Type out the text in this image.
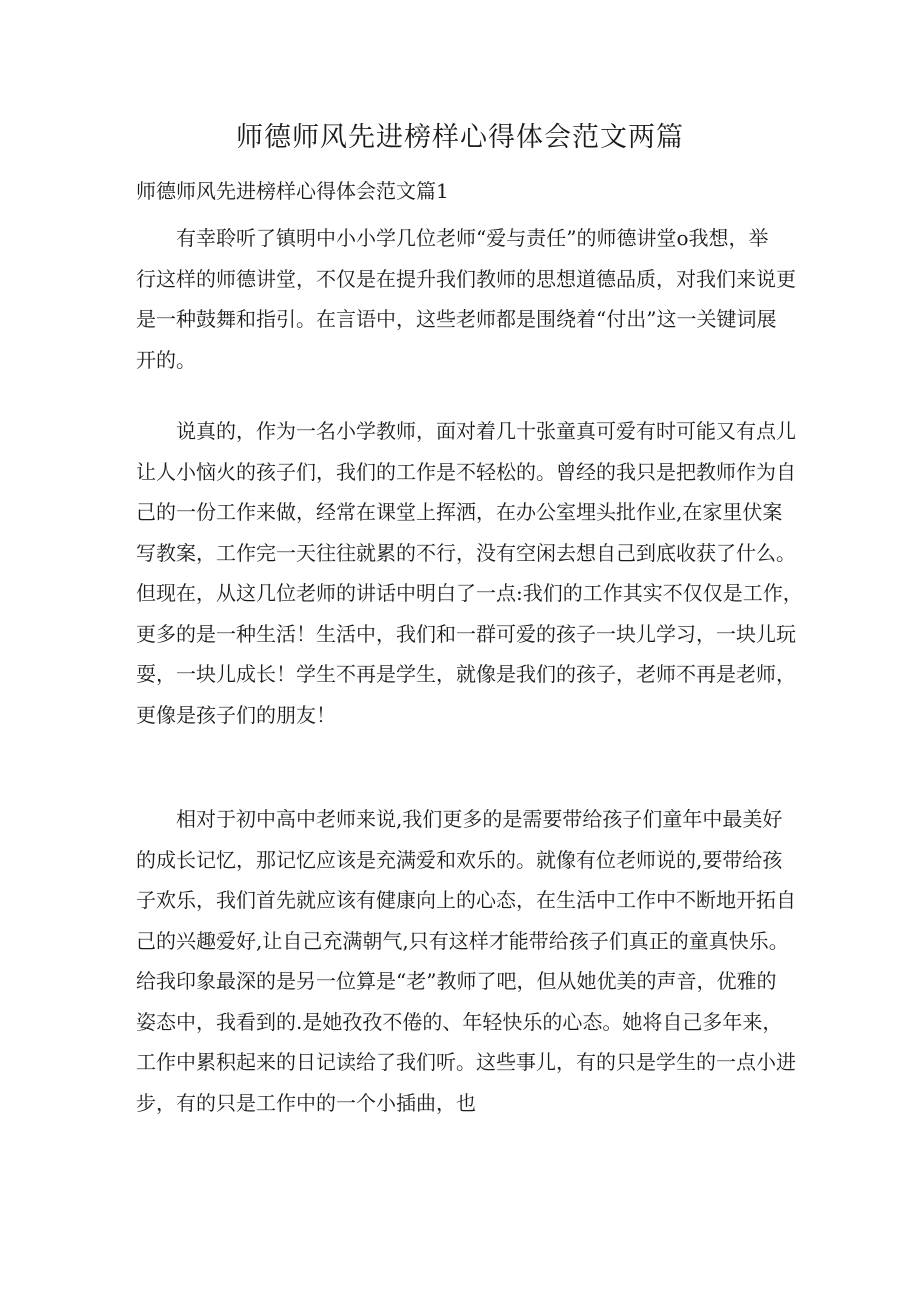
师德师风先进榜样心得体会范文两篇
师德师风先进榜样心得体会范文篇1

有幸聆听了镇明中小小学几位老师“爱与责任”的师德讲堂o我想，举
行这样的师德讲堂，不仅是在提升我们教师的思想道德品质，对我们来说更
是一种鼓舞和指引。在言语中，这些老师都是围绕着“付出”这一关键词展
开的。

说真的，作为一名小学教师，面对着几十张童真可爱有时可能又有点儿
让人小恼火的孩子们，我们的工作是不轻松的。曾经的我只是把教师作为自
己的一份工作来做，经常在课堂上挥洒，在办公室埋头批作业,在家里伏案
写教案，工作完一天往往就累的不行，没有空闲去想自己到底收获了什么。
但现在，从这几位老师的讲话中明白了一点:我们的工作其实不仅仅是工作，
更多的是一种生活！生活中，我们和一群可爱的孩子一块儿学习，一块儿玩
耍，一块儿成长！学生不再是学生，就像是我们的孩子，老师不再是老师，
更像是孩子们的朋友！

相对于初中高中老师来说,我们更多的是需要带给孩子们童年中最美好
的成长记忆，那记忆应该是充满爱和欢乐的。就像有位老师说的,要带给孩
子欢乐，我们首先就应该有健康向上的心态，在生活中工作中不断地开拓自
己的兴趣爱好,让自己充满朝气,只有这样才能带给孩子们真正的童真快乐。
给我印象最深的是另一位算是“老”教师了吧，但从她优美的声音，优雅的
姿态中，我看到的.是她孜孜不倦的、年轻快乐的心态。她将自己多年来，
工作中累积起来的日记读给了我们听。这些事儿，有的只是学生的一点小进
步，有的只是工作中的一个小插曲，也
